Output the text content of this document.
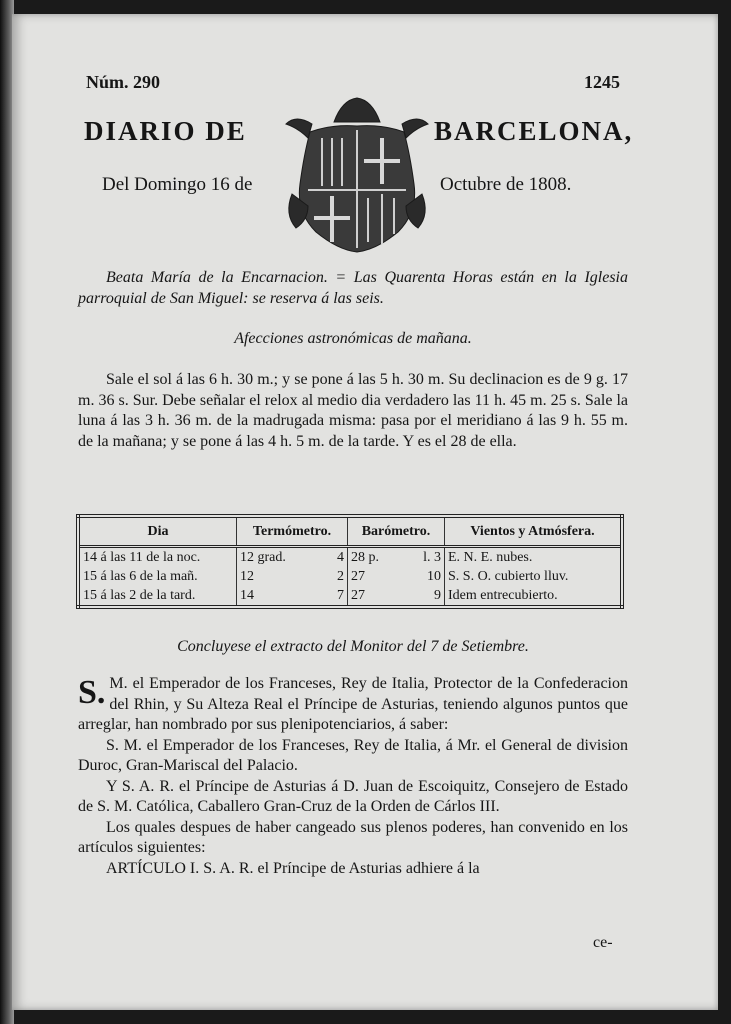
Núm. 290	1245

DIARIO DE	BARCELONA,

Del Domingo 16 de	Octubre de 1808.

Beata María de la Encarnacion. = Las Quarenta Horas están en la Iglesia parroquial de San Miguel: se reserva á las seis.

Afecciones astronómicas de mañana.

Sale el sol á las 6 h. 30 m.; y se pone á las 5 h. 30 m. Su declinacion es de 9 g. 17 m. 36 s. Sur. Debe señalar el relox al medio dia verdadero las 11 h. 45 m. 25 s. Sale la luna á las 3 h. 36 m. de la madrugada misma: pasa por el meridiano á las 9 h. 55 m. de la mañana; y se pone á las 4 h. 5 m. de la tarde. Y es el 28 de ella.

Dia	Termómetro.	Barómetro.	Vientos y Atmósfera.
14 á las 11 de la noc.	12 grad. 4	28 p. l. 3	E. N. E. nubes.
15 á las 6 de la mañ.	12 2	27 10	S. S. O. cubierto lluv.
15 á las 2 de la tard.	14 7	27 9	Idem entrecubierto.

Concluyese el extracto del Monitor del 7 de Setiembre.

S. M. el Emperador de los Franceses, Rey de Italia, Protector de la Confederacion del Rhin, y Su Alteza Real el Príncipe de Asturias, teniendo algunos puntos que arreglar, han nombrado por sus plenipotenciarios, á saber:
S. M. el Emperador de los Franceses, Rey de Italia, á Mr. el General de division Duroc, Gran-Mariscal del Palacio.
Y S. A. R. el Príncipe de Asturias á D. Juan de Escoiquitz, Consejero de Estado de S. M. Católica, Caballero Gran-Cruz de la Orden de Cárlos III.
Los quales despues de haber cangeado sus plenos poderes, han convenido en los artículos siguientes:
ARTÍCULO I. S. A. R. el Príncipe de Asturias adhiere á la

ce-
